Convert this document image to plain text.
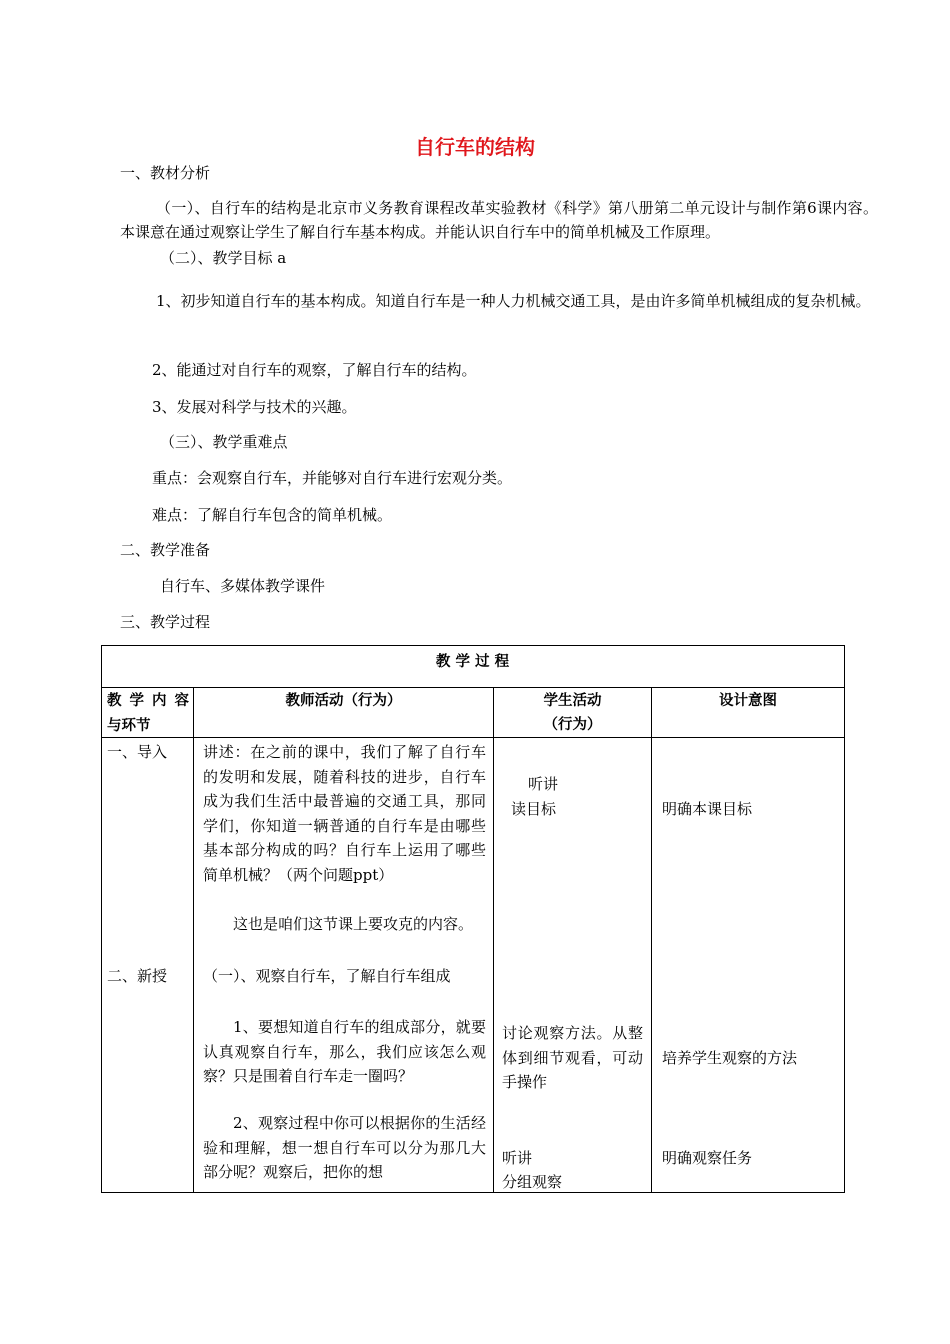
自行车的结构
一、教材分析
（一）、自行车的结构是北京市义务教育课程改革实验教材《科学》第八册第二单元设计与制作第6课内容。本课意在通过观察让学生了解自行车基本构成。并能认识自行车中的简单机械及工作原理。
（二）、教学目标 a
1、初步知道自行车的基本构成。知道自行车是一种人力机械交通工具，是由许多简单机械组成的复杂机械。
2、能通过对自行车的观察，了解自行车的结构。
3、发展对科学与技术的兴趣。
（三）、教学重难点
重点：会观察自行车，并能够对自行车进行宏观分类。
难点：了解自行车包含的简单机械。
二、教学准备
自行车、多媒体教学课件
三、教学过程
教 学 过 程
教 学 内 容与环节
教师活动（行为）	学生活动
（行为）
设计意图
一、导入 讲述：在之前的课中，我们了解了自行车的发明和发展，随着科技的进步，自行车成为我们生活中最普遍的交通工具，那同学们，你知道一辆普通的自行车是由哪些基本部分构成的吗？自行车上运用了哪些简单机械？（两个问题ppt）
这也是咱们这节课上要攻克的内容。
听讲
读目标	明确本课目标
二、新授 （一）、观察自行车，了解自行车组成
1、要想知道自行车的组成部分，就要认真观察自行车，那么，我们应该怎么观察？只是围着自行车走一圈吗？
2、观察过程中你可以根据你的生活经验和理解，想一想自行车可以分为那几大部分呢？观察后，把你的想
讨论观察方法。从整体到细节观看，可动手操作
培养学生观察的方法
听讲
分组观察
明确观察任务
